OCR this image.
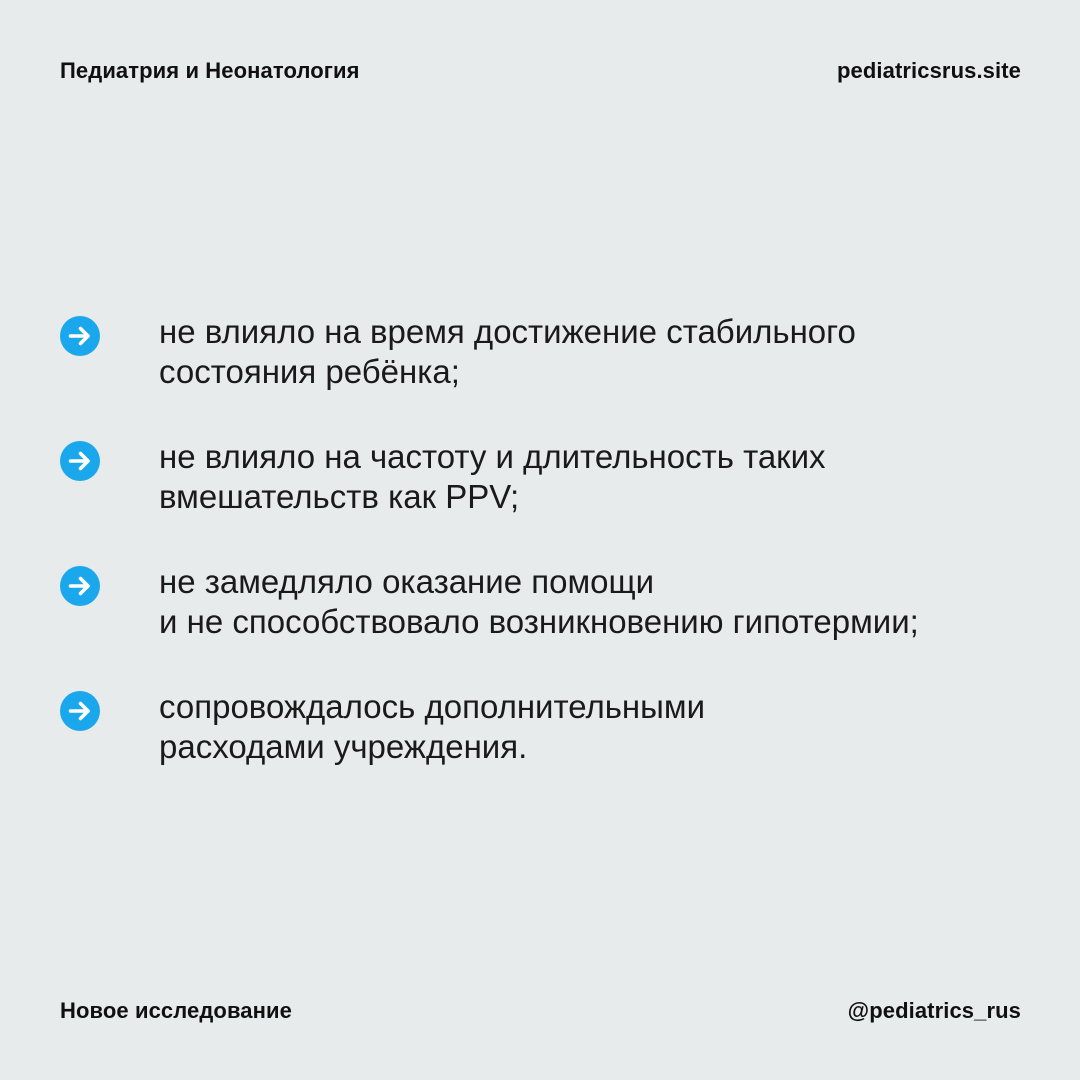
Педиатрия и Неонатология	pediatricsrus.site
не влияло на время достижение стабильного
состояния ребёнка;
не влияло на частоту и длительность таких
вмешательств как PPV;
не замедляло оказание помощи
и не способствовало возникновению гипотермии;
сопровождалось дополнительными
расходами учреждения.
Новое исследование	@pediatrics_rus
